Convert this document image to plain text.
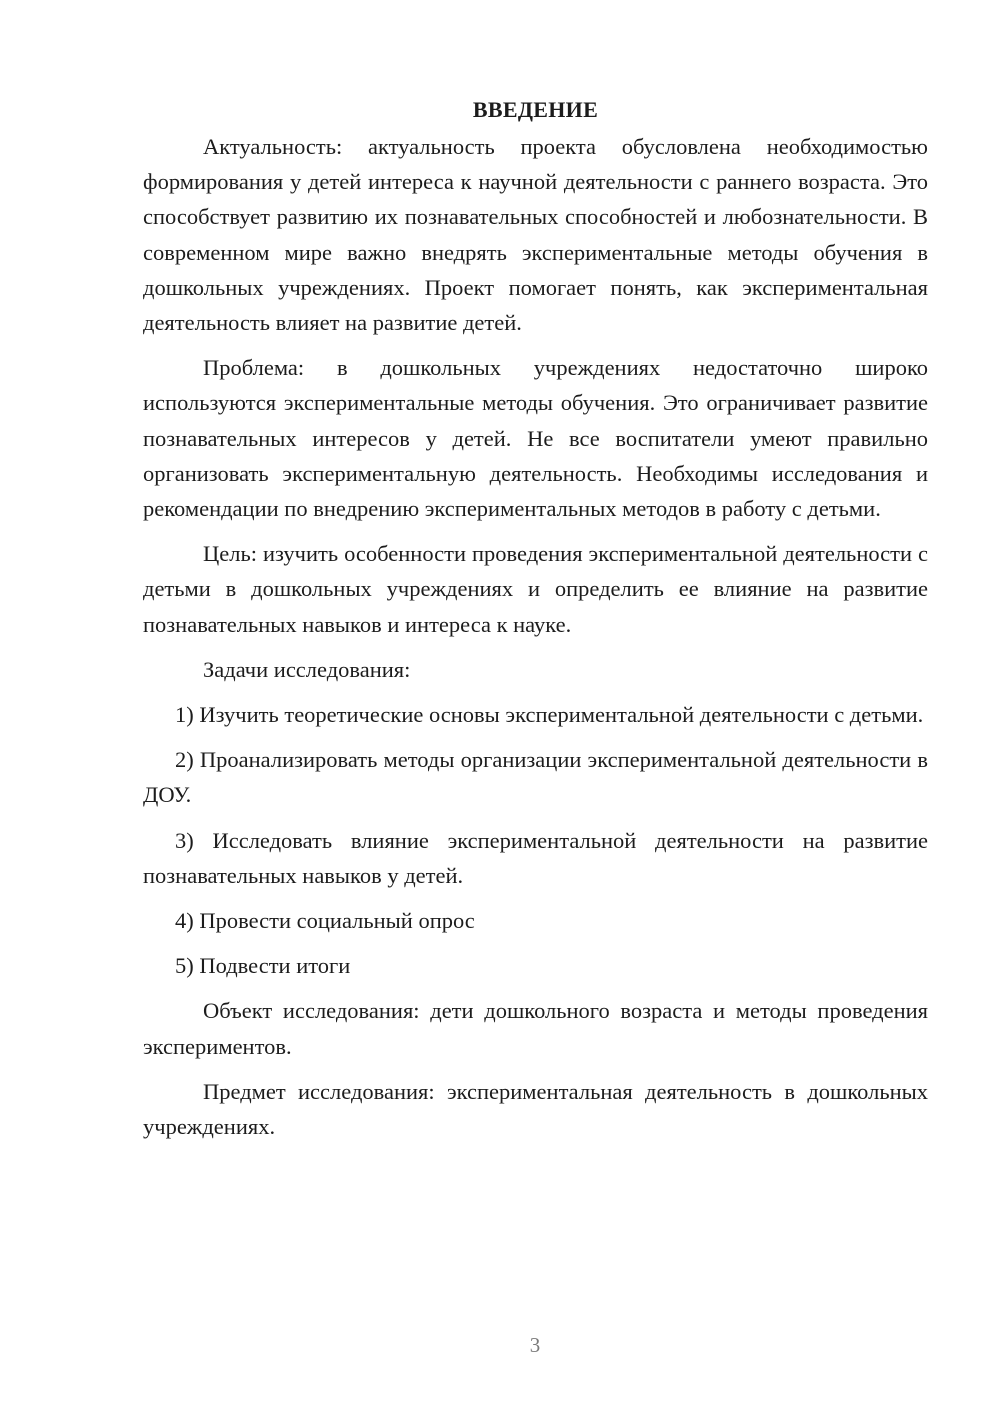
ВВЕДЕНИЕ

Актуальность: актуальность проекта обусловлена необходимостью формирования у детей интереса к научной деятельности с раннего возраста. Это способствует развитию их познавательных способностей и любознательности. В современном мире важно внедрять экспериментальные методы обучения в дошкольных учреждениях. Проект помогает понять, как экспериментальная деятельность влияет на развитие детей.

Проблема: в дошкольных учреждениях недостаточно широко используются экспериментальные методы обучения. Это ограничивает развитие познавательных интересов у детей. Не все воспитатели умеют правильно организовать экспериментальную деятельность. Необходимы исследования и рекомендации по внедрению экспериментальных методов в работу с детьми.

Цель: изучить особенности проведения экспериментальной деятельности с детьми в дошкольных учреждениях и определить ее влияние на развитие познавательных навыков и интереса к науке.

Задачи исследования:

1) Изучить теоретические основы экспериментальной деятельности с детьми.

2) Проанализировать методы организации экспериментальной деятельности в ДОУ.

3) Исследовать влияние экспериментальной деятельности на развитие познавательных навыков у детей.

4) Провести социальный опрос

5) Подвести итоги

Объект исследования: дети дошкольного возраста и методы проведения экспериментов.

Предмет исследования: экспериментальная деятельность в дошкольных учреждениях.

3
